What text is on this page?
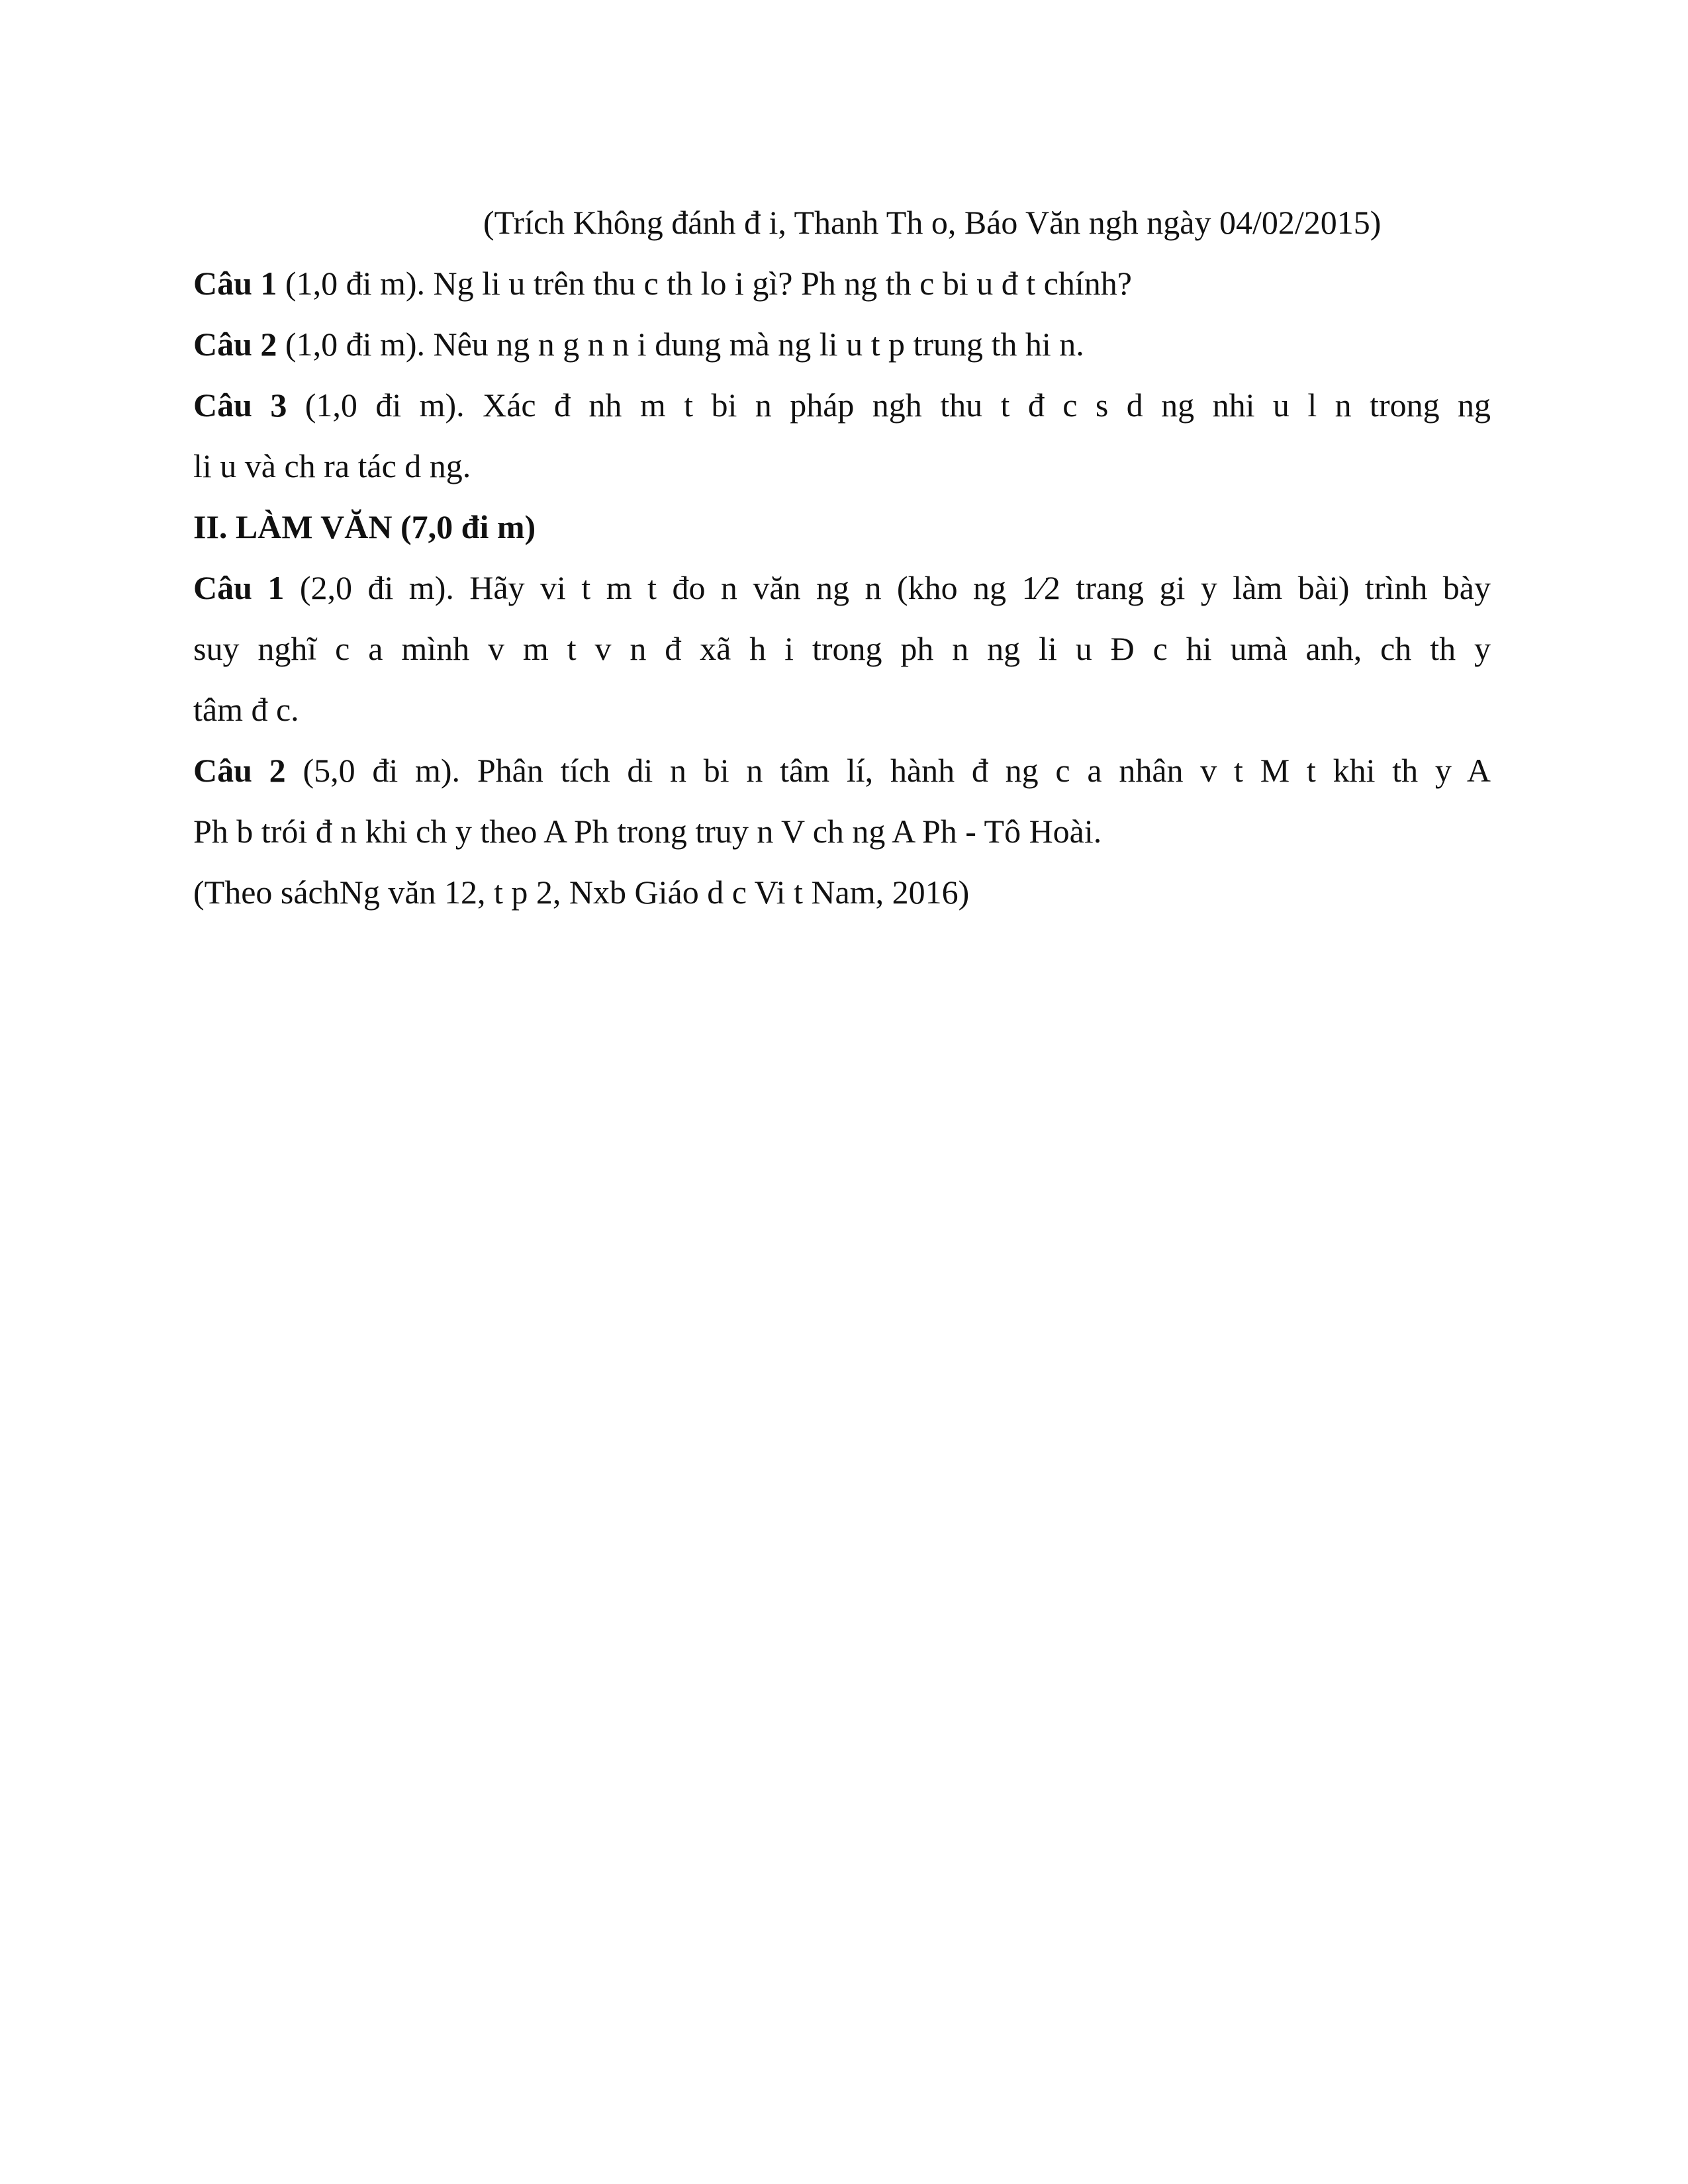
(Trích Không đánh đ i, Thanh Th o, Báo Văn ngh ngày 04/02/2015)
Câu 1 (1,0 đi m). Ng li u trên thu c th lo i gì? Ph ng th c bi u đ t chính?
Câu 2 (1,0 đi m). Nêu ng n g n n i dung mà ng li u t p trung th hi n.
Câu 3 (1,0 đi m). Xác đ nh m t bi n pháp ngh thu t đ c s d ng nhi u l n trong ng
li u và ch ra tác d ng.
II. LÀM VĂN (7,0 đi m)
Câu 1 (2,0 đi m). Hãy vi t m t đo n văn ng n (kho ng 1⁄2 trang gi y làm bài) trình bày
suy nghĩ c a mình v m t v n đ xã h i trong ph n ng li u Đ c hi umà anh, ch th y
tâm đ c.
Câu 2 (5,0 đi m). Phân tích di n bi n tâm lí, hành đ ng c a nhân v t M t khi th y A
Ph b trói đ n khi ch y theo A Ph trong truy n V ch ng A Ph - Tô Hoài.
(Theo sáchNg văn 12, t p 2, Nxb Giáo d c Vi t Nam, 2016)
